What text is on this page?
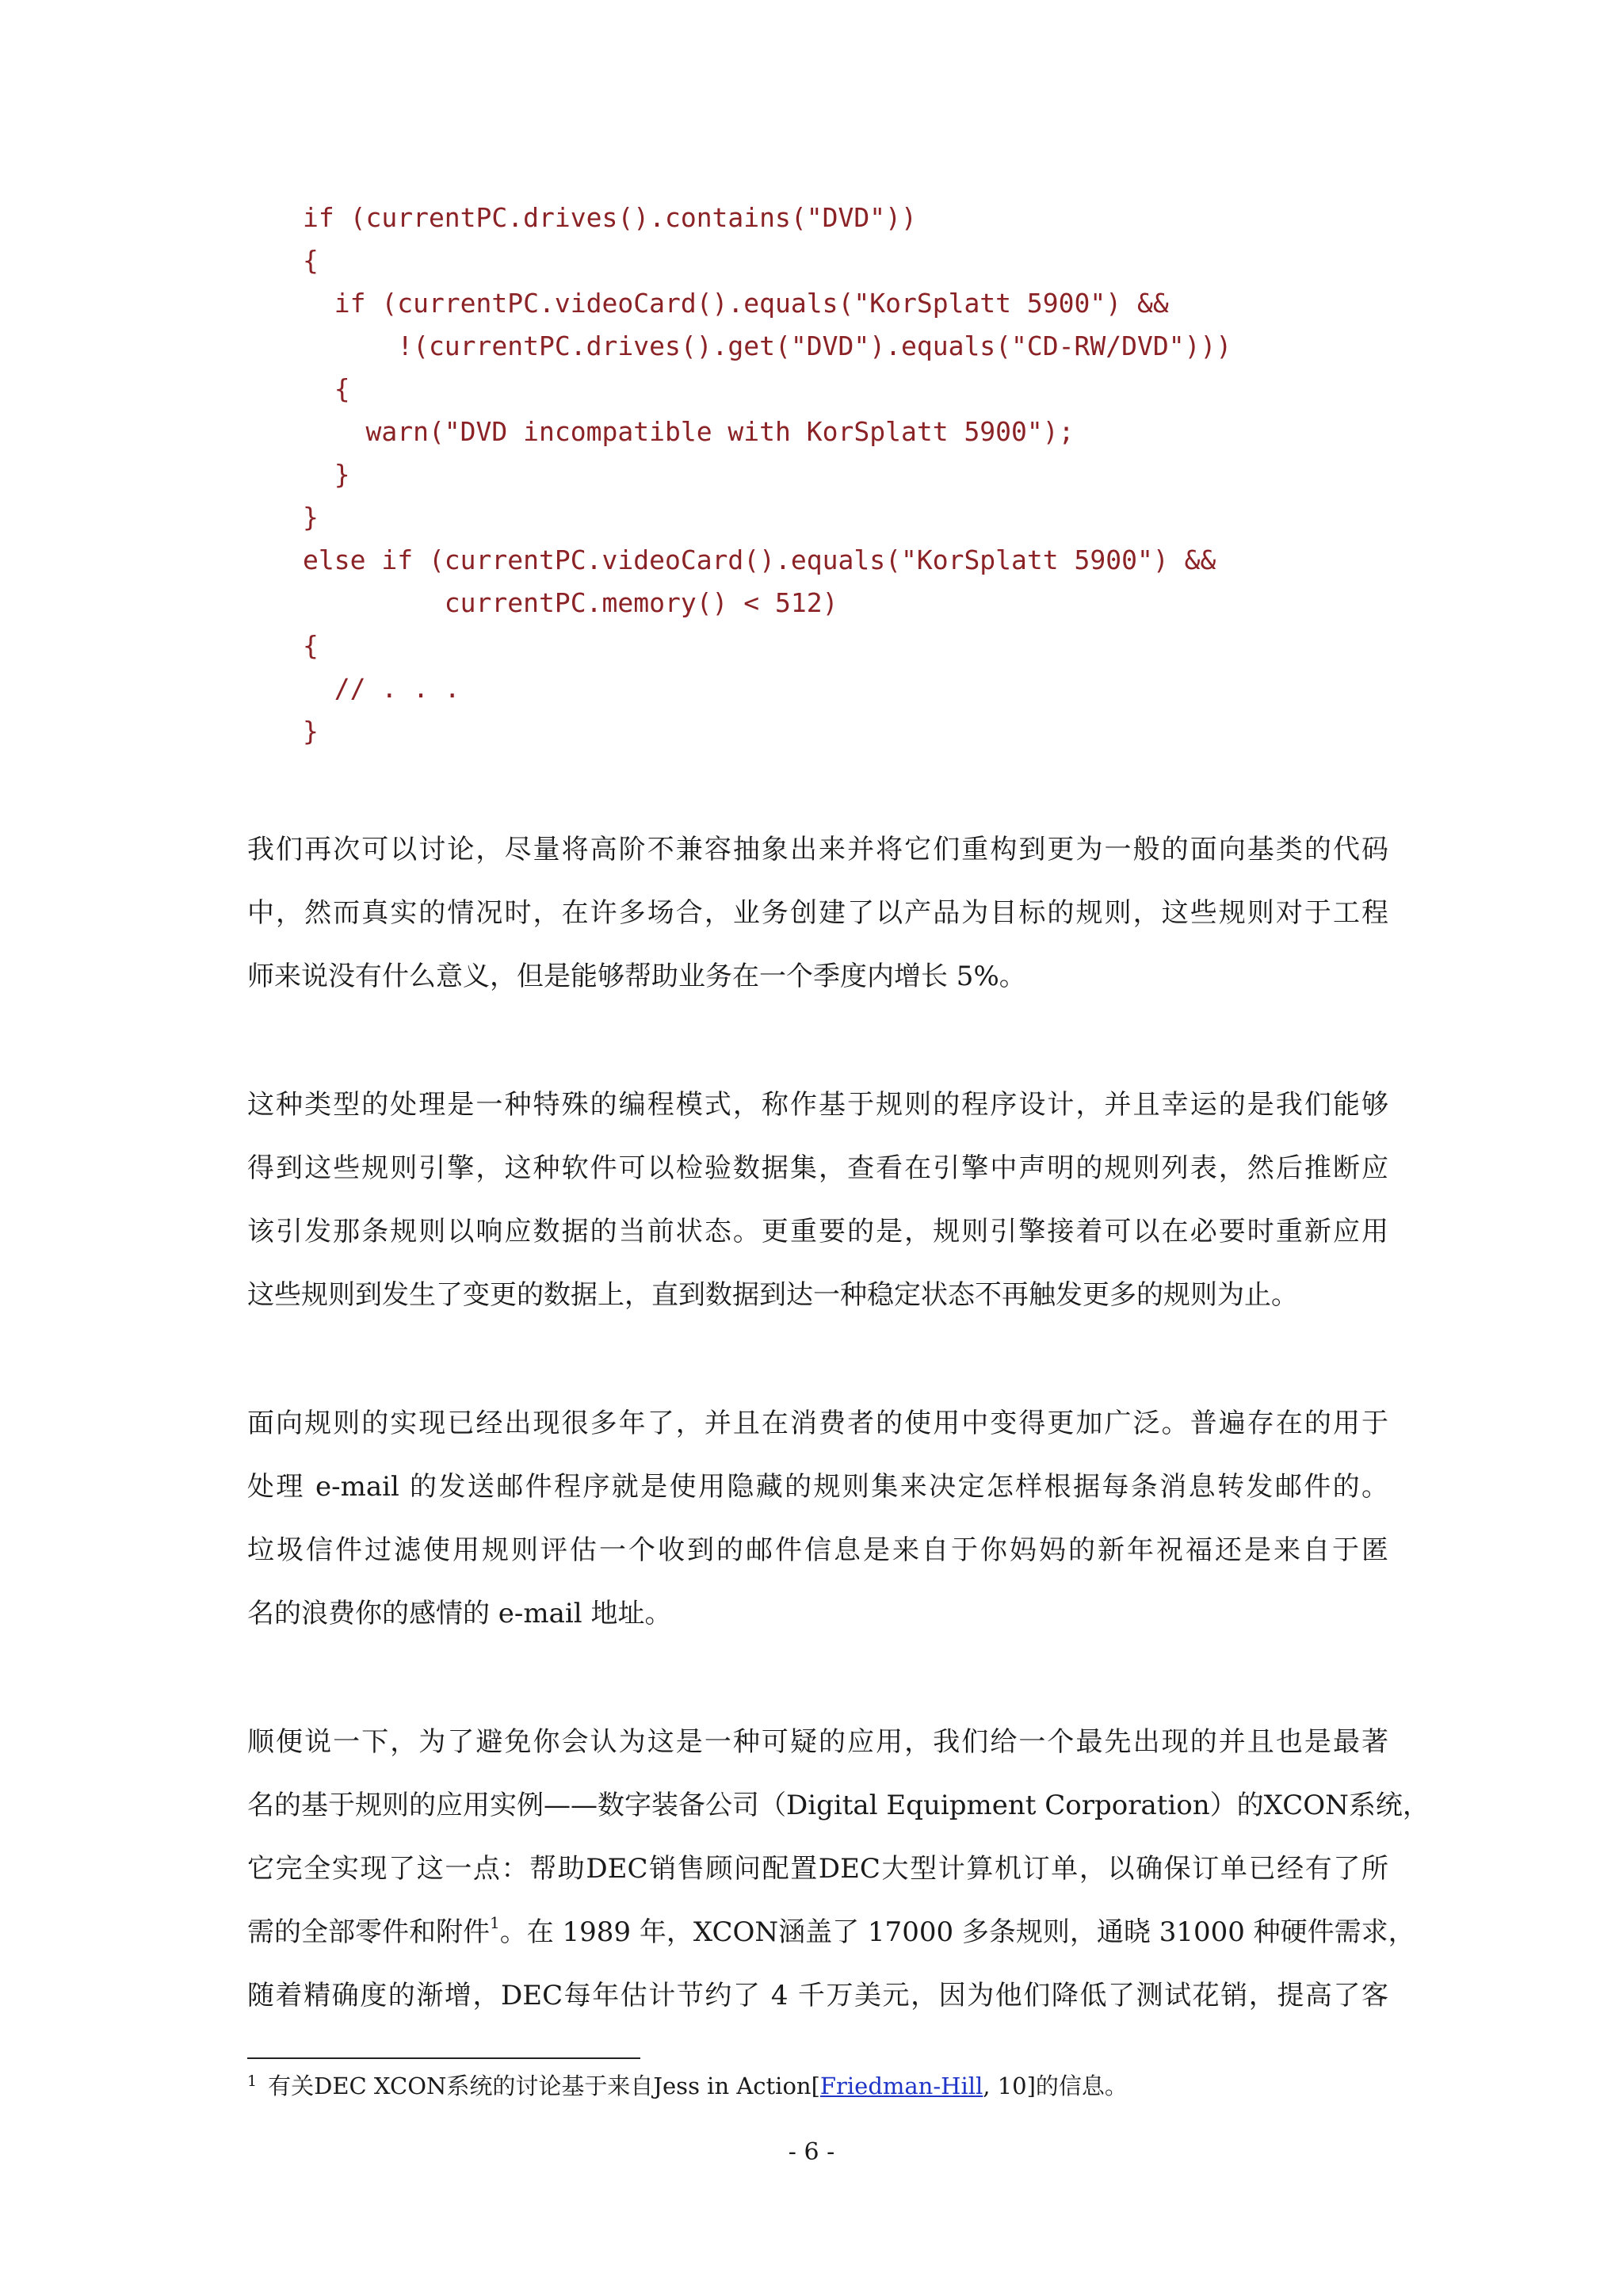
if (currentPC.drives().contains("DVD"))
{
if (currentPC.videoCard().equals("KorSplatt 5900") &&
!(currentPC.drives().get("DVD").equals("CD-RW/DVD")))
{
warn("DVD incompatible with KorSplatt 5900");
}
}
else if (currentPC.videoCard().equals("KorSplatt 5900") &&
currentPC.memory() < 512)
{
// . . .
}
我们再次可以讨论，尽量将高阶不兼容抽象出来并将它们重构到更为一般的面向基类的代码
中，然而真实的情况时，在许多场合，业务创建了以产品为目标的规则，这些规则对于工程
师来说没有什么意义，但是能够帮助业务在一个季度内增长 5%。
这种类型的处理是一种特殊的编程模式，称作基于规则的程序设计，并且幸运的是我们能够
得到这些规则引擎，这种软件可以检验数据集，查看在引擎中声明的规则列表，然后推断应
该引发那条规则以响应数据的当前状态。更重要的是，规则引擎接着可以在必要时重新应用
这些规则到发生了变更的数据上，直到数据到达一种稳定状态不再触发更多的规则为止。
面向规则的实现已经出现很多年了，并且在消费者的使用中变得更加广泛。普遍存在的用于
处理 e-mail 的发送邮件程序就是使用隐藏的规则集来决定怎样根据每条消息转发邮件的。
垃圾信件过滤使用规则评估一个收到的邮件信息是来自于你妈妈的新年祝福还是来自于匿
名的浪费你的感情的 e-mail 地址。
顺便说一下，为了避免你会认为这是一种可疑的应用，我们给一个最先出现的并且也是最著
名的基于规则的应用实例——数字装备公司（Digital Equipment Corporation）的XCON系统，
它完全实现了这一点：帮助DEC销售顾问配置DEC大型计算机订单，以确保订单已经有了所
需的全部零件和附件$^1$。在 1989 年，XCON涵盖了 17000 多条规则，通晓 31000 种硬件需求，
随着精确度的渐增，DEC每年估计节约了 4 千万美元，因为他们降低了测试花销，提高了客
$^1$ 有关DEC XCON系统的讨论基于来自Jess in Action[Friedman-Hill, 10]的信息。
- 6 -
